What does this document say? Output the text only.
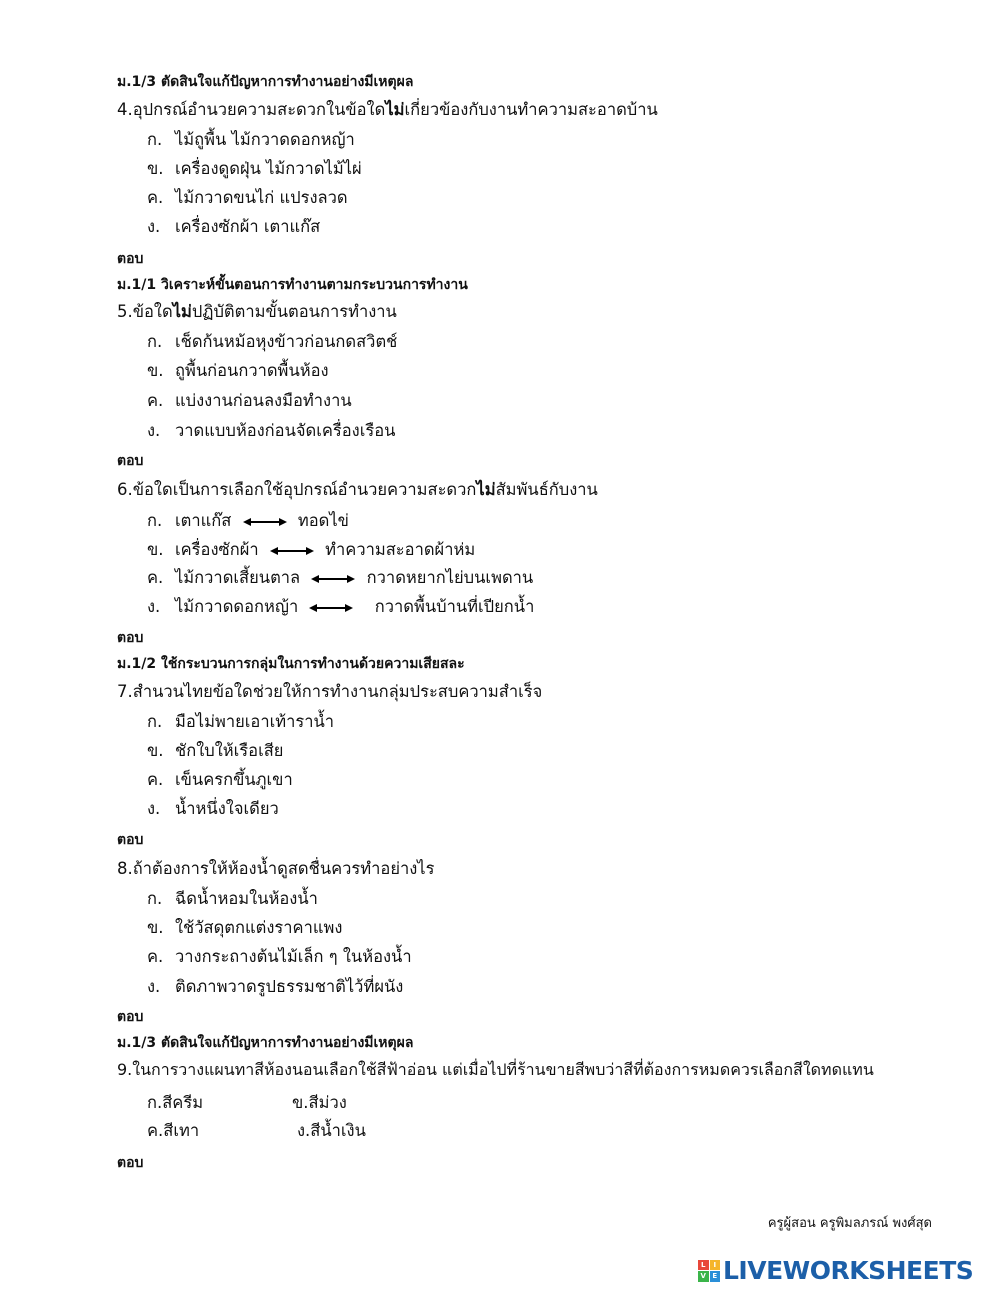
ม.1/3 ตัดสินใจแก้ปัญหาการทำงานอย่างมีเหตุผล
4.อุปกรณ์อำนวยความสะดวกในข้อใดไม่เกี่ยวข้องกับงานทำความสะอาดบ้าน
ก. ไม้ถูพื้น ไม้กวาดดอกหญ้า
ข. เครื่องดูดฝุ่น ไม้กวาดไม้ไผ่
ค. ไม้กวาดขนไก่ แปรงลวด
ง. เครื่องซักผ้า เตาแก๊ส
ตอบ
ม.1/1 วิเคราะห์ขั้นตอนการทำงานตามกระบวนการทำงาน
5.ข้อใดไม่ปฏิบัติตามขั้นตอนการทำงาน
ก. เช็ดก้นหม้อหุงข้าวก่อนกดสวิตช์
ข. ถูพื้นก่อนกวาดพื้นห้อง
ค. แบ่งงานก่อนลงมือทำงาน
ง. วาดแบบห้องก่อนจัดเครื่องเรือน
ตอบ
6.ข้อใดเป็นการเลือกใช้อุปกรณ์อำนวยความสะดวกไม่สัมพันธ์กับงาน
ก. เตาแก๊ส	ทอดไข่
ข. เครื่องซักผ้า	ทำความสะอาดผ้าห่ม
ค. ไม้กวาดเสี้ยนตาล	กวาดหยากไย่บนเพดาน
ง. ไม้กวาดดอกหญ้า	กวาดพื้นบ้านที่เปียกน้ำ
ตอบ
ม.1/2 ใช้กระบวนการกลุ่มในการทำงานด้วยความเสียสละ
7.สำนวนไทยข้อใดช่วยให้การทำงานกลุ่มประสบความสำเร็จ
ก. มือไม่พายเอาเท้าราน้ำ
ข. ชักใบให้เรือเสีย
ค. เข็นครกขึ้นภูเขา
ง. น้ำหนึ่งใจเดียว
ตอบ
8.ถ้าต้องการให้ห้องน้ำดูสดชื่นควรทำอย่างไร
ก. ฉีดน้ำหอมในห้องน้ำ
ข. ใช้วัสดุตกแต่งราคาแพง
ค. วางกระถางต้นไม้เล็ก ๆ ในห้องน้ำ
ง. ติดภาพวาดรูปธรรมชาติไว้ที่ผนัง
ตอบ
ม.1/3 ตัดสินใจแก้ปัญหาการทำงานอย่างมีเหตุผล
9.ในการวางแผนทาสีห้องนอนเลือกใช้สีฟ้าอ่อน แต่เมื่อไปที่ร้านขายสีพบว่าสีที่ต้องการหมดควรเลือกสีใดทดแทน
ก.สีครีม	ข.สีม่วง
ค.สีเทา	ง.สีน้ำเงิน
ตอบ
ครูผู้สอน ครูพิมลภรณ์ พงศ์สุด
L	I
V E LIVEWORKSHEETS
